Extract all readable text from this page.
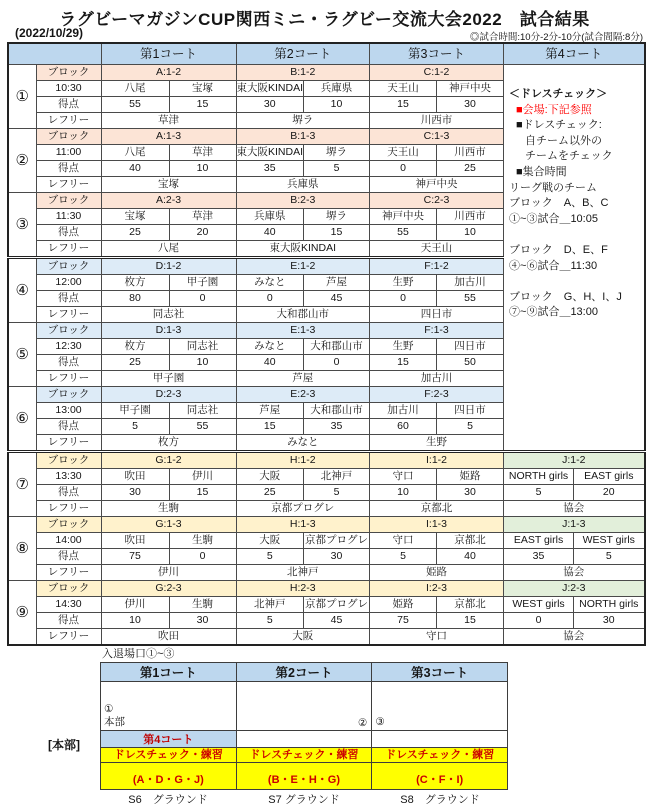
ラグビーマガジンCUP関西ミニ・ラグビー交流大会2022　試合結果
(2022/10/29)	◎試合時間:10分-2分-10分(試合間隔:8分)
		第1コート		第2コート		第3コート		第4コート	
①	ブロック	A:1-2	B:1-2	C:1-2	
＜ドレスチェック＞
■会場:下記参照
■ドレスチェック:
自チーム以外の
チームをチェック
■集合時間
リーグ戦のチーム
ブロック　A、B、C
①~③試合＿10:05

ブロック　D、E、F
④~⑥試合＿11:30

ブロック　G、H、I、J
⑦~⑨試合＿13:00

	10:30	八尾	宝塚	東大阪KINDAI	兵庫県	天王山	神戸中央		
	得点	55	15	30	10	15	30		
	レフリー	草津		堺ラ		川西市			
②	ブロック	A:1-3		B:1-3		C:1-3			
	11:00	八尾	草津	東大阪KINDAI	堺ラ	天王山	川西市		
	得点	40	10	35	5	0	25		
	レフリー	宝塚		兵庫県		神戸中央			
③	ブロック	A:2-3		B:2-3		C:2-3			
	11:30	宝塚	草津	兵庫県	堺ラ	神戸中央	川西市		
	得点	25	20	40	15	55	10		
	レフリー	八尾		東大阪KINDAI		天王山			
④	ブロック	D:1-2		E:1-2		F:1-2			
	12:00	枚方	甲子園	みなと	芦屋	生野	加古川		
	得点	80	0	0	45	0	55		
	レフリー	同志社		大和郡山市		四日市			
⑤	ブロック	D:1-3		E:1-3		F:1-3			
	12:30	枚方	同志社	みなと	大和郡山市	生野	四日市		
	得点	25	10	40	0	15	50		
	レフリー	甲子園		芦屋		加古川			
⑥	ブロック	D:2-3		E:2-3		F:2-3			
	13:00	甲子園	同志社	芦屋	大和郡山市	加古川	四日市		
	得点	5	55	15	35	60	5		
	レフリー	枚方		みなと		生野			
⑦	ブロック	G:1-2		H:1-2		I:1-2		J:1-2	
	13:30	吹田	伊川	大阪	北神戸	守口	姫路	NORTH girls	EAST girls
	得点	30	15	25	5	10	30	5	20
	レフリー	生駒		京都プログレ		京都北		協会	
⑧	ブロック	G:1-3		H:1-3		I:1-3		J:1-3	
	14:00	吹田	生駒	大阪	京都プログレ	守口	京都北	EAST girls	WEST girls
	得点	75	0	5	30	5	40	35	5
	レフリー	伊川		北神戸		姫路		協会	
⑨	ブロック	G:2-3		H:2-3		I:2-3		J:2-3	
	14:30	伊川	生駒	北神戸	京都プログレ	姫路	京都北	WEST girls	NORTH girls
	得点	10	30	5	45	75	15	0	30
	レフリー	吹田		大阪		守口		協会	
入退場口①~③
第1コート	第2コート	第3コート

①
本部	②	③

第4コート		
ドレスチェック・練習	ドレスチェック・練習	ドレスチェック・練習
(A・D・G・J)	(B・E・H・G)	(C・F・I)
S6　グラウンド	S7 グラウンド	S8　グラウンド
[本部]
